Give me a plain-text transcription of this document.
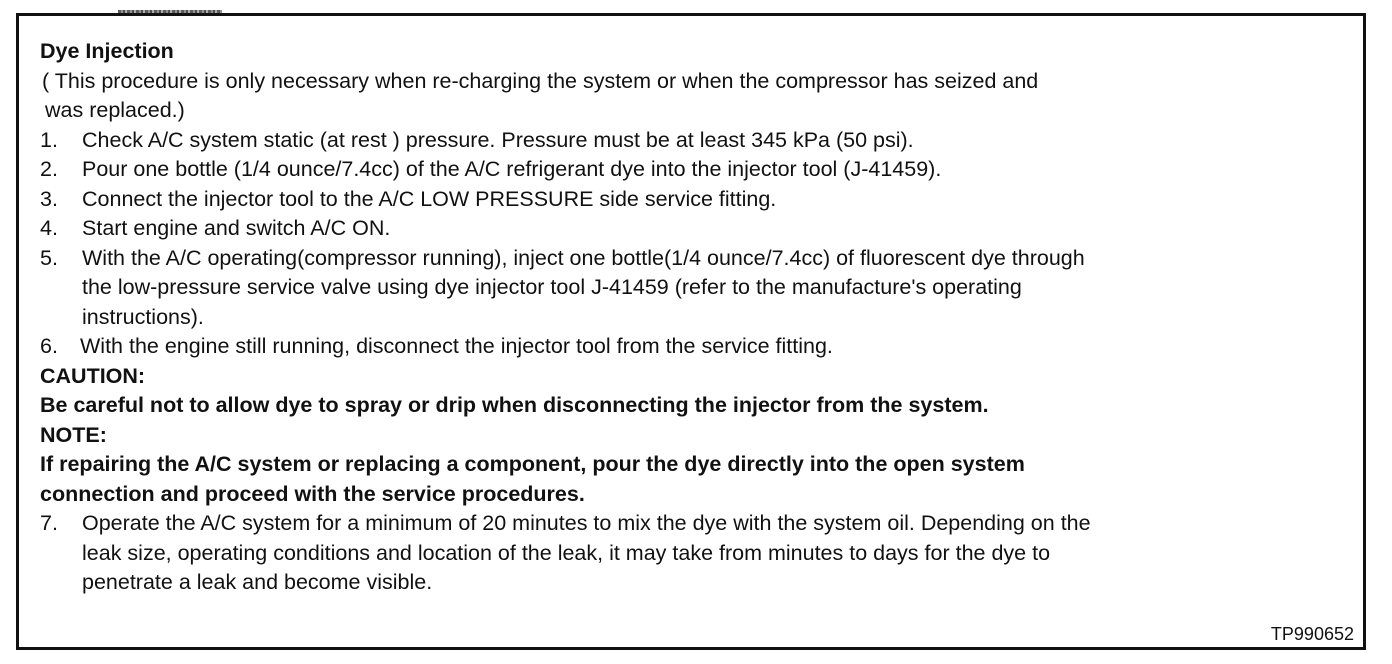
Dye Injection
( This procedure is only necessary when re-charging the system or when the compressor has seized and
was replaced.)
1.	Check A/C system static (at rest ) pressure. Pressure must be at least 345 kPa (50 psi).
2.	Pour one bottle (1/4 ounce/7.4cc) of the A/C refrigerant dye into the injector tool (J-41459).
3.	Connect the injector tool to the A/C LOW PRESSURE side service fitting.
4.	Start engine and switch A/C ON.
5.	With the A/C operating(compressor running), inject one bottle(1/4 ounce/7.4cc) of fluorescent dye through
the low-pressure service valve using dye injector tool J-41459 (refer to the manufacture's operating
instructions).
6.	With the engine still running, disconnect the injector tool from the service fitting.
CAUTION:
Be careful not to allow dye to spray or drip when disconnecting the injector from the system.
NOTE:
If repairing the A/C system or replacing a component, pour the dye directly into the open system
connection and proceed with the service procedures.
7.	Operate the A/C system for a minimum of 20 minutes to mix the dye with the system oil. Depending on the
leak size, operating conditions and location of the leak, it may take from minutes to days for the dye to
penetrate a leak and become visible.
TP990652
